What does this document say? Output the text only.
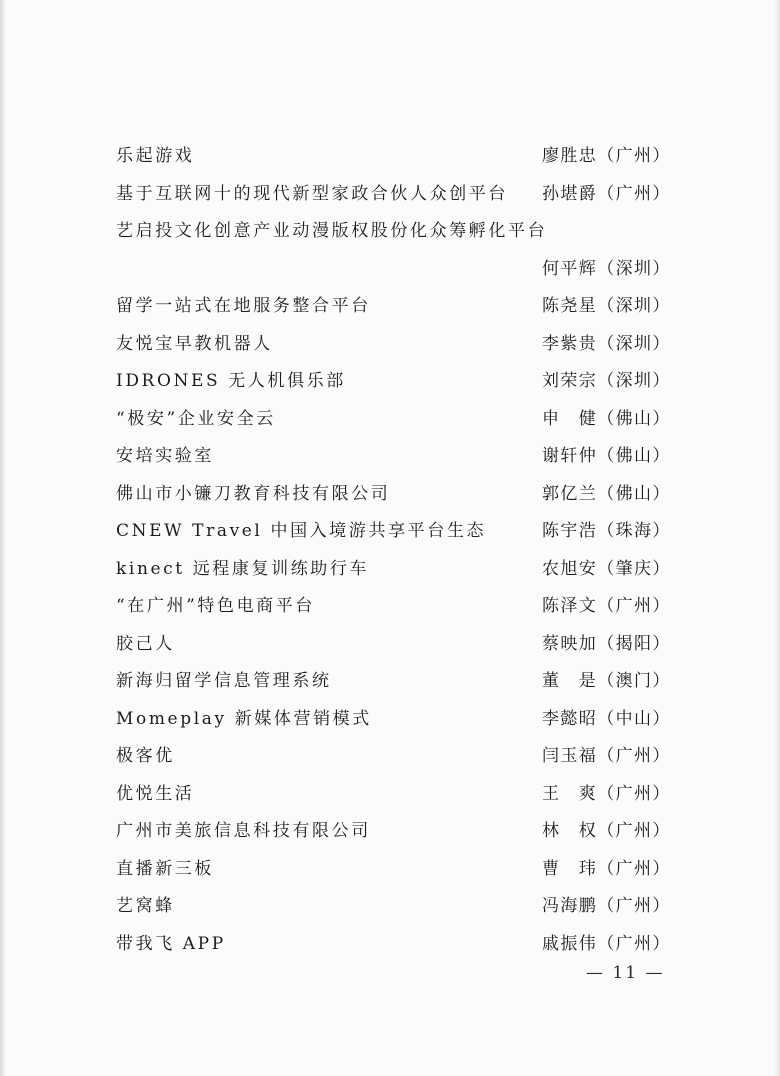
乐起游戏	廖胜忠（广州）
基于互联网十的现代新型家政合伙人众创平台 孙堪爵（广州）
艺启投文化创意产业动漫版权股份化众筹孵化平台
何平辉（深圳）
留学一站式在地服务整合平台	陈尧星（深圳）
友悦宝早教机器人	李紫贵（深圳）
IDRONES 无人机俱乐部	刘荣宗（深圳）
“极安”企业安全云	申　健（佛山）
安培实验室	谢轩仲（佛山）
佛山市小镰刀教育科技有限公司	郭亿兰（佛山）
CNEW Travel 中国入境游共享平台生态	陈宇浩（珠海）
kinect 远程康复训练助行车	农旭安（肇庆）
“在广州”特色电商平台	陈泽文（广州）
胶己人	蔡映加（揭阳）
新海归留学信息管理系统	董　是（澳门）
Momeplay 新媒体营销模式	李懿昭（中山）
极客优	闫玉福（广州）
优悦生活	王　爽（广州）
广州市美旅信息科技有限公司	林　权（广州）
直播新三板	曹　玮（广州）
艺窝蜂	冯海鹏（广州）
带我飞 APP	戚振伟（广州）
— 11 —
